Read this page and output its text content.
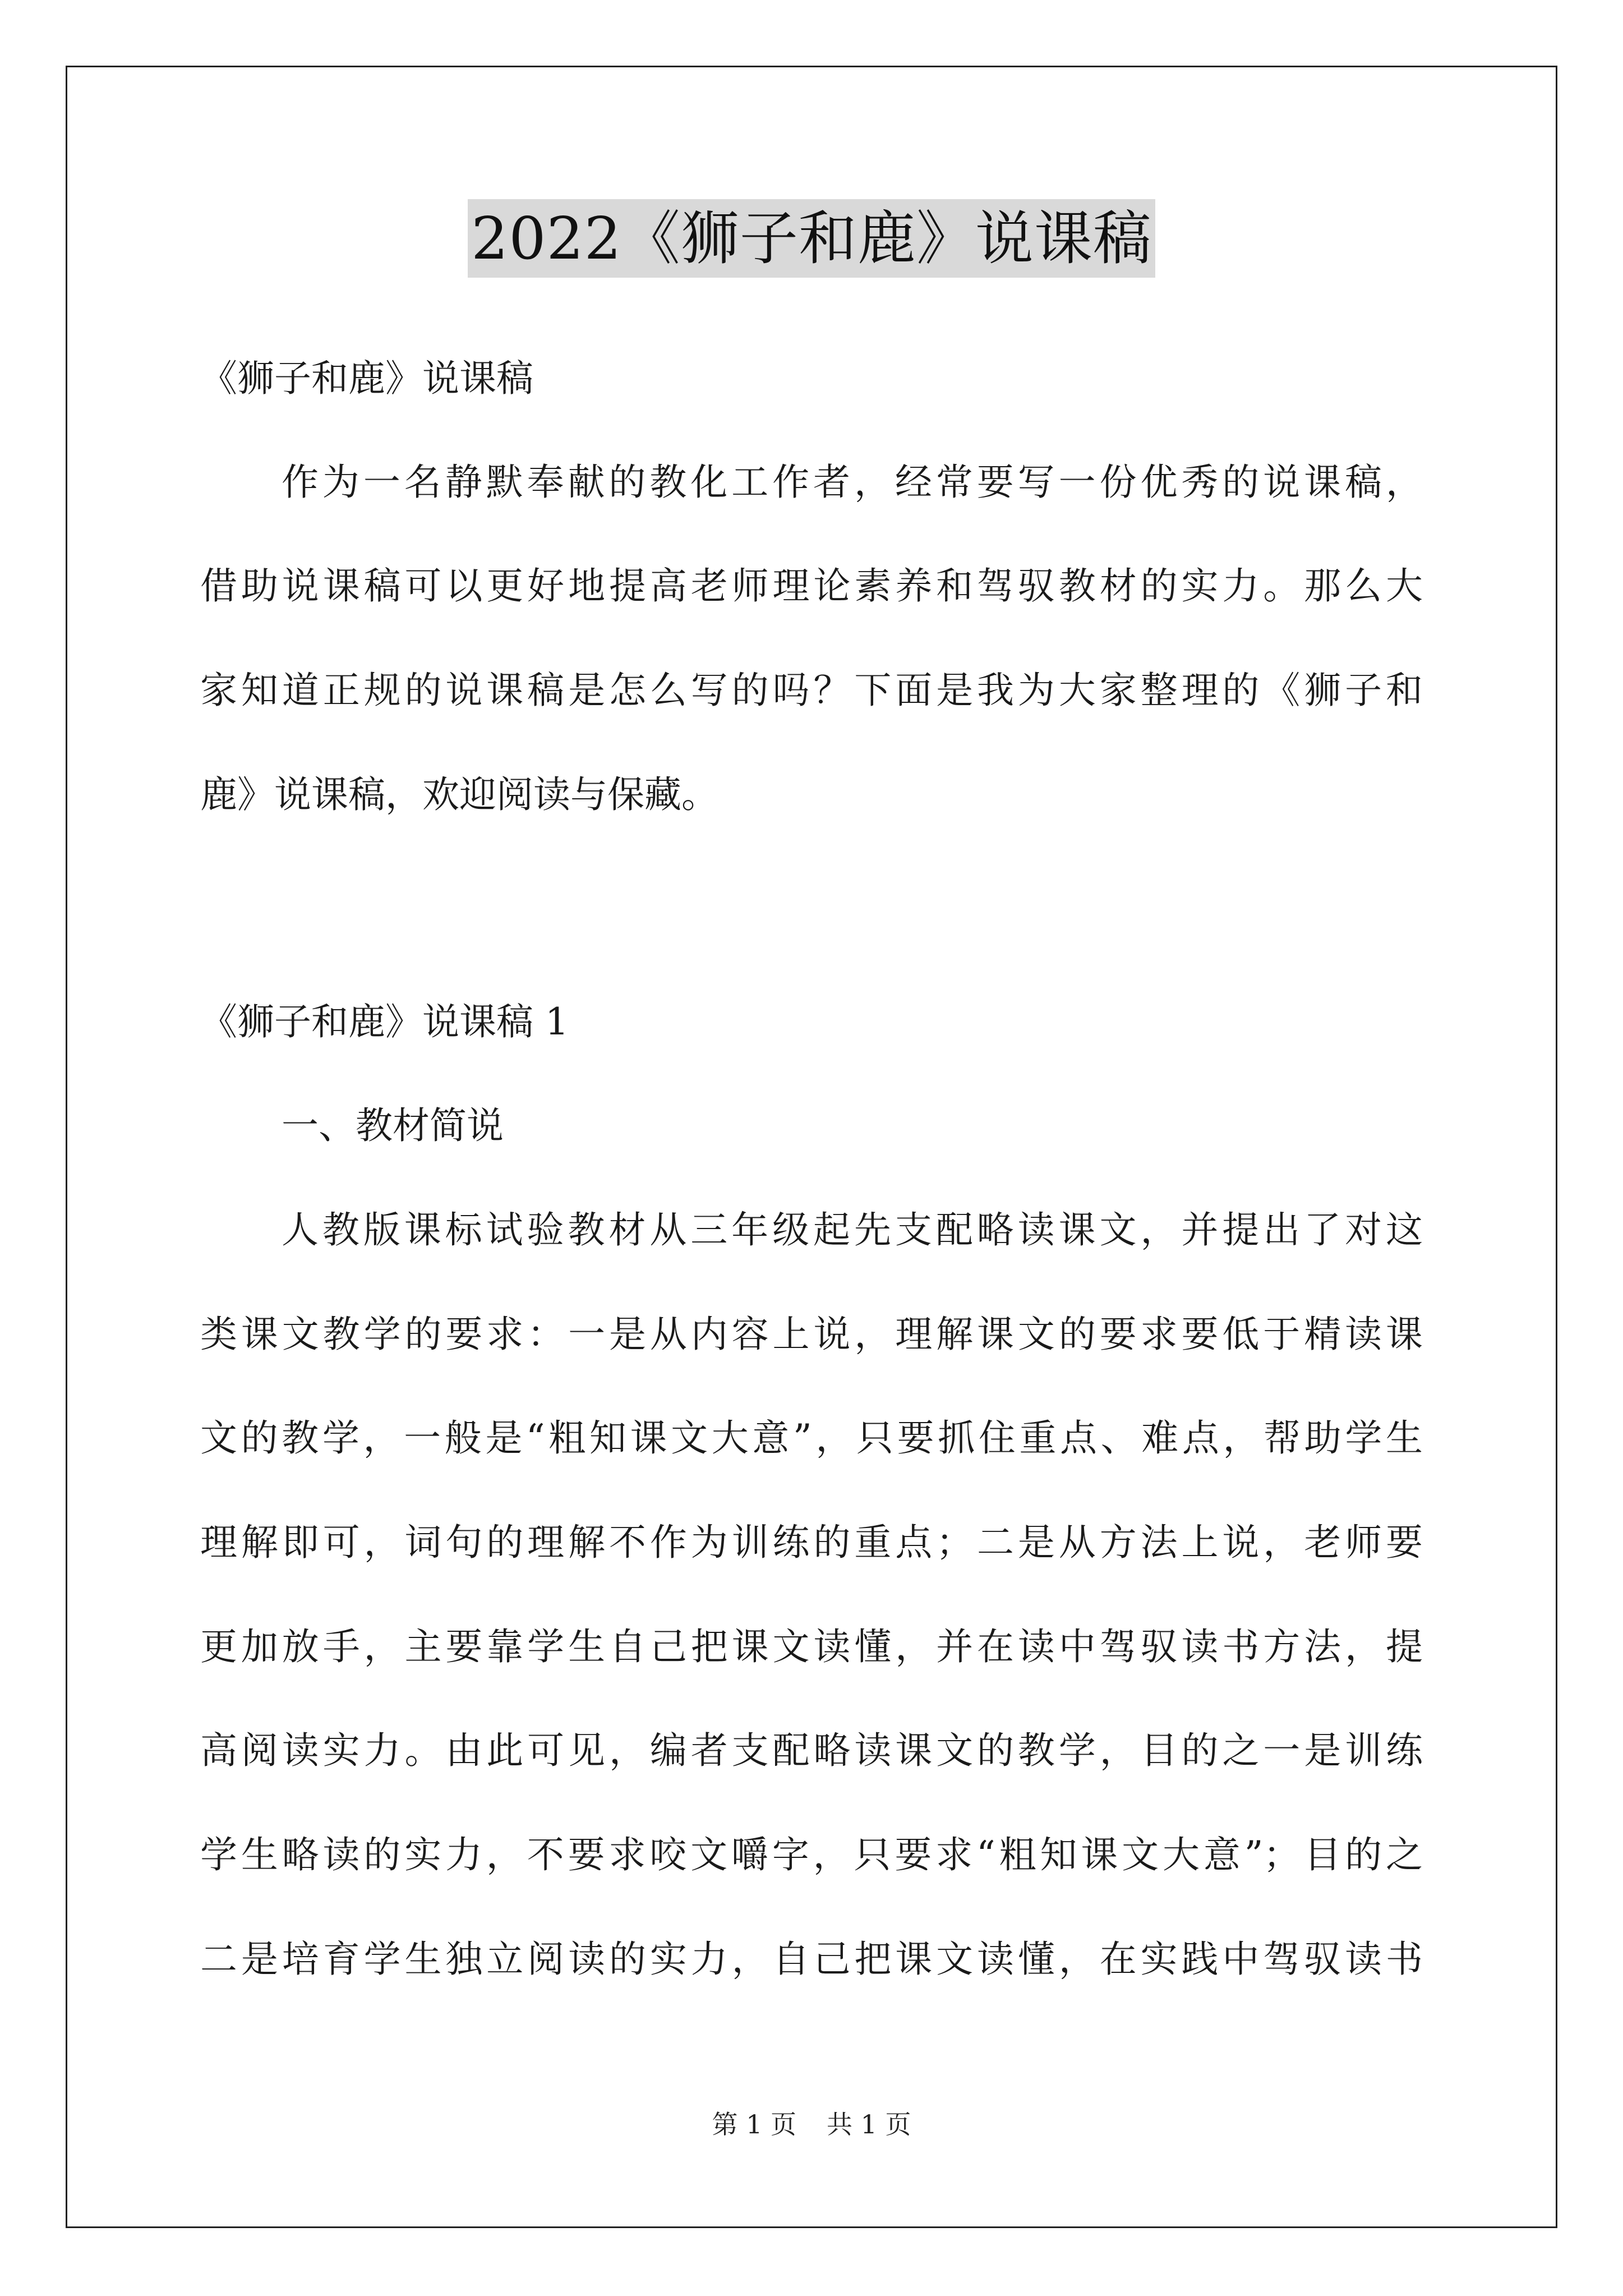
2022《狮子和鹿》说课稿
《狮子和鹿》说课稿
作为一名静默奉献的教化工作者，经常要写一份优秀的说课稿，
借助说课稿可以更好地提高老师理论素养和驾驭教材的实力。那么大
家知道正规的说课稿是怎么写的吗？下面是我为大家整理的《狮子和
鹿》说课稿，欢迎阅读与保藏。
《狮子和鹿》说课稿 1
一、教材简说
人教版课标试验教材从三年级起先支配略读课文，并提出了对这
类课文教学的要求：一是从内容上说，理解课文的要求要低于精读课
文的教学，一般是“粗知课文大意”，只要抓住重点、难点，帮助学生
理解即可，词句的理解不作为训练的重点；二是从方法上说，老师要
更加放手，主要靠学生自己把课文读懂，并在读中驾驭读书方法，提
高阅读实力。由此可见，编者支配略读课文的教学，目的之一是训练
学生略读的实力，不要求咬文嚼字，只要求“粗知课文大意”；目的之
二是培育学生独立阅读的实力，自己把课文读懂，在实践中驾驭读书
第 1 页 共 1 页
